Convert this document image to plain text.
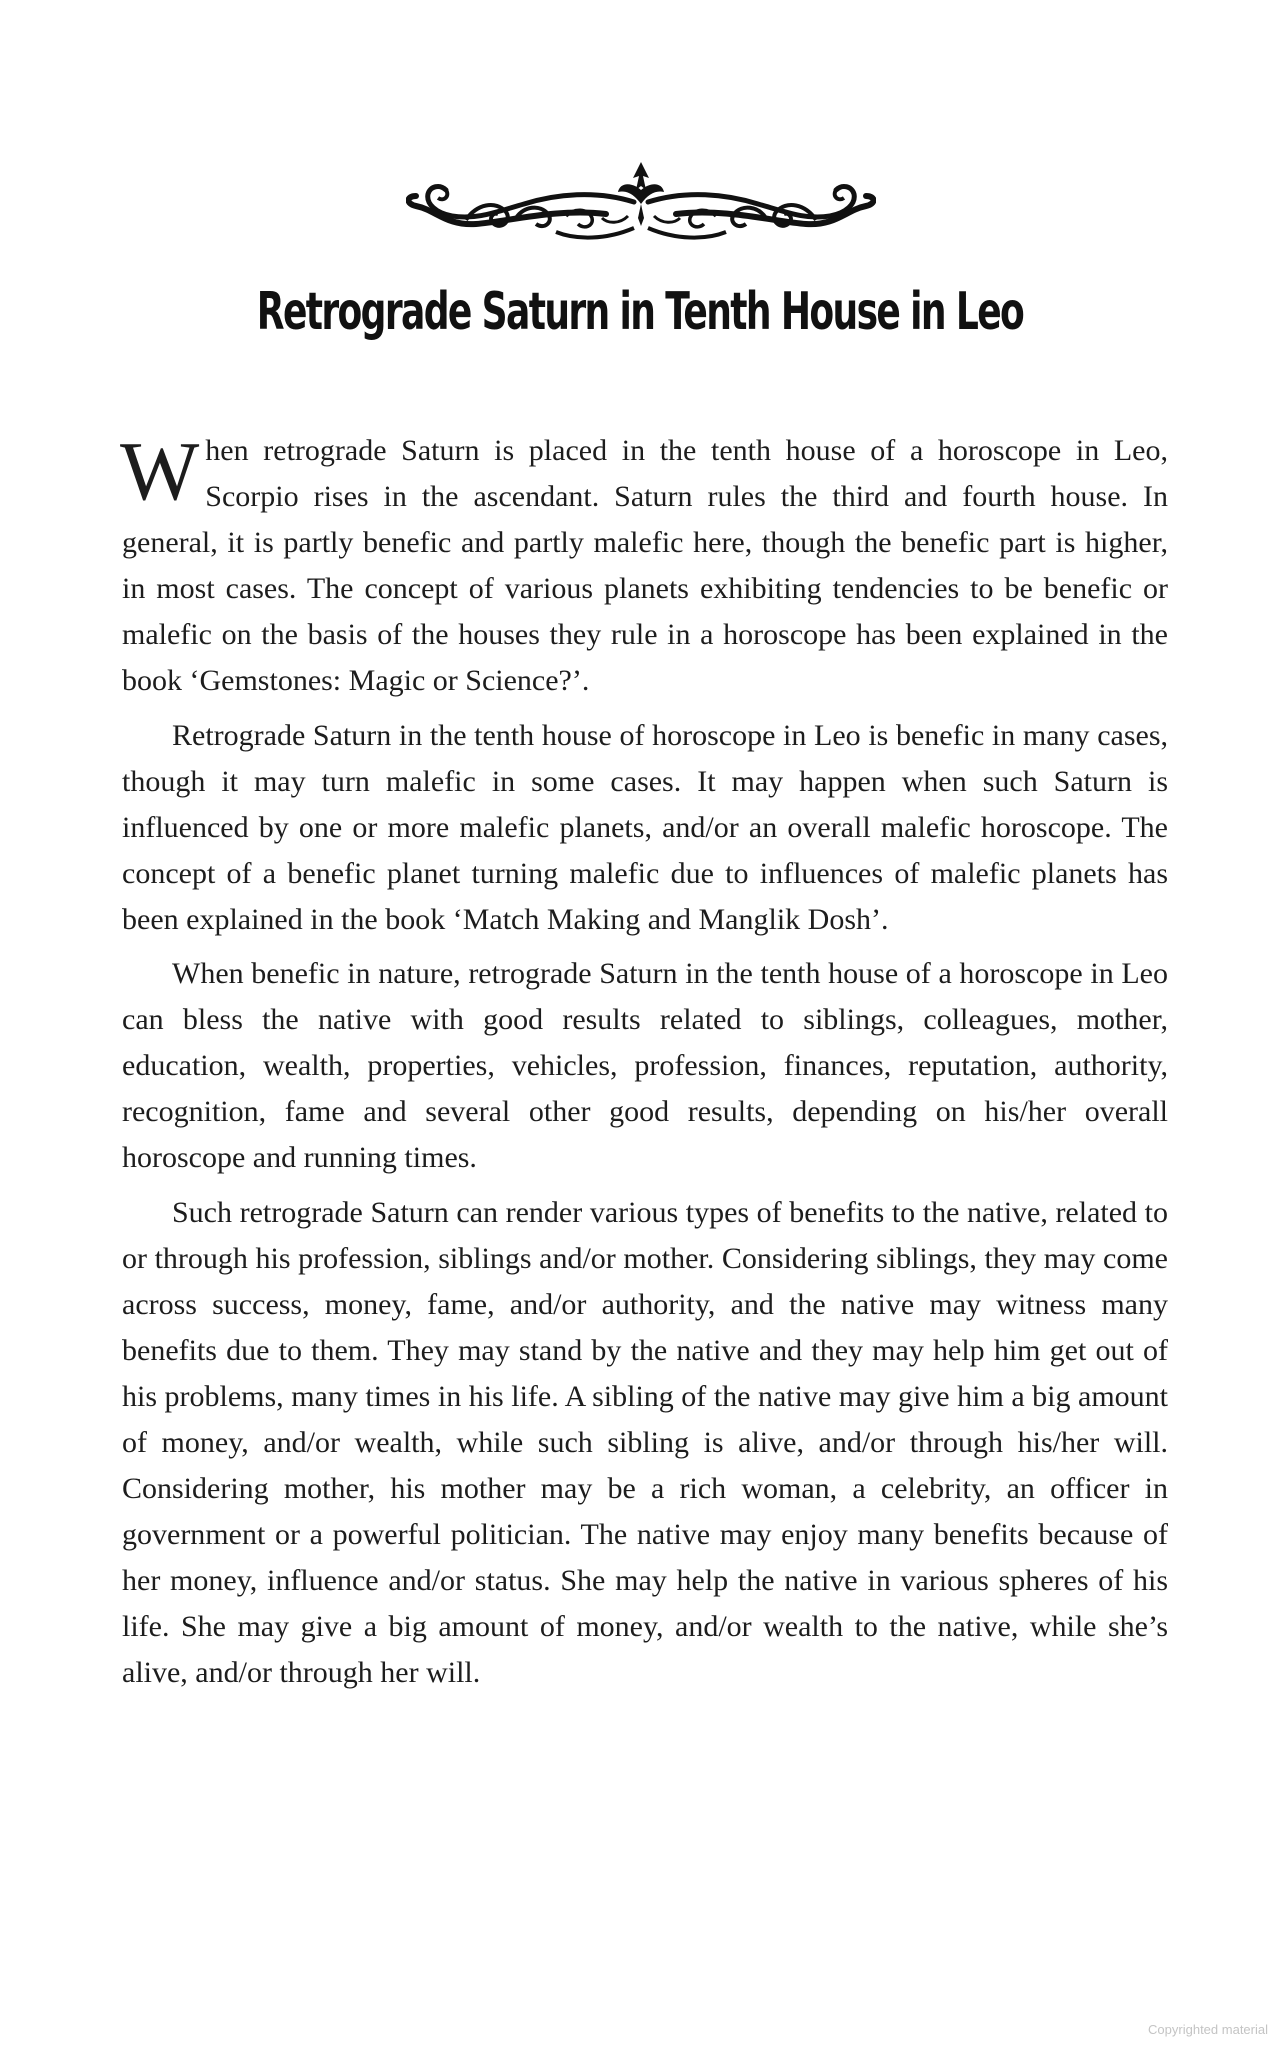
Retrograde Saturn in Tenth House in Leo

When retrograde Saturn is placed in the tenth house of a horoscope in Leo, Scorpio rises in the ascendant. Saturn rules the third and fourth house. In general, it is partly benefic and partly malefic here, though the benefic part is higher, in most cases. The concept of various planets exhibiting tendencies to be benefic or malefic on the basis of the houses they rule in a horoscope has been explained in the book ‘Gemstones: Magic or Science?’.

Retrograde Saturn in the tenth house of horoscope in Leo is benefic in many cases, though it may turn malefic in some cases. It may happen when such Saturn is influenced by one or more malefic planets, and/or an overall malefic horoscope. The concept of a benefic planet turning malefic due to influences of malefic planets has been explained in the book ‘Match Making and Manglik Dosh’.

When benefic in nature, retrograde Saturn in the tenth house of a horoscope in Leo can bless the native with good results related to siblings, colleagues, mother, education, wealth, properties, vehicles, profession, finances, reputation, authority, recognition, fame and several other good results, depending on his/her overall horoscope and running times.

Such retrograde Saturn can render various types of benefits to the native, related to or through his profession, siblings and/or mother. Considering siblings, they may come across success, money, fame, and/or authority, and the native may witness many benefits due to them. They may stand by the native and they may help him get out of his problems, many times in his life. A sibling of the native may give him a big amount of money, and/or wealth, while such sibling is alive, and/or through his/her will. Considering mother, his mother may be a rich woman, a celebrity, an officer in government or a powerful politician. The native may enjoy many benefits because of her money, influence and/or status. She may help the native in various spheres of his life. She may give a big amount of money, and/or wealth to the native, while she’s alive, and/or through her will.

Copyrighted material
